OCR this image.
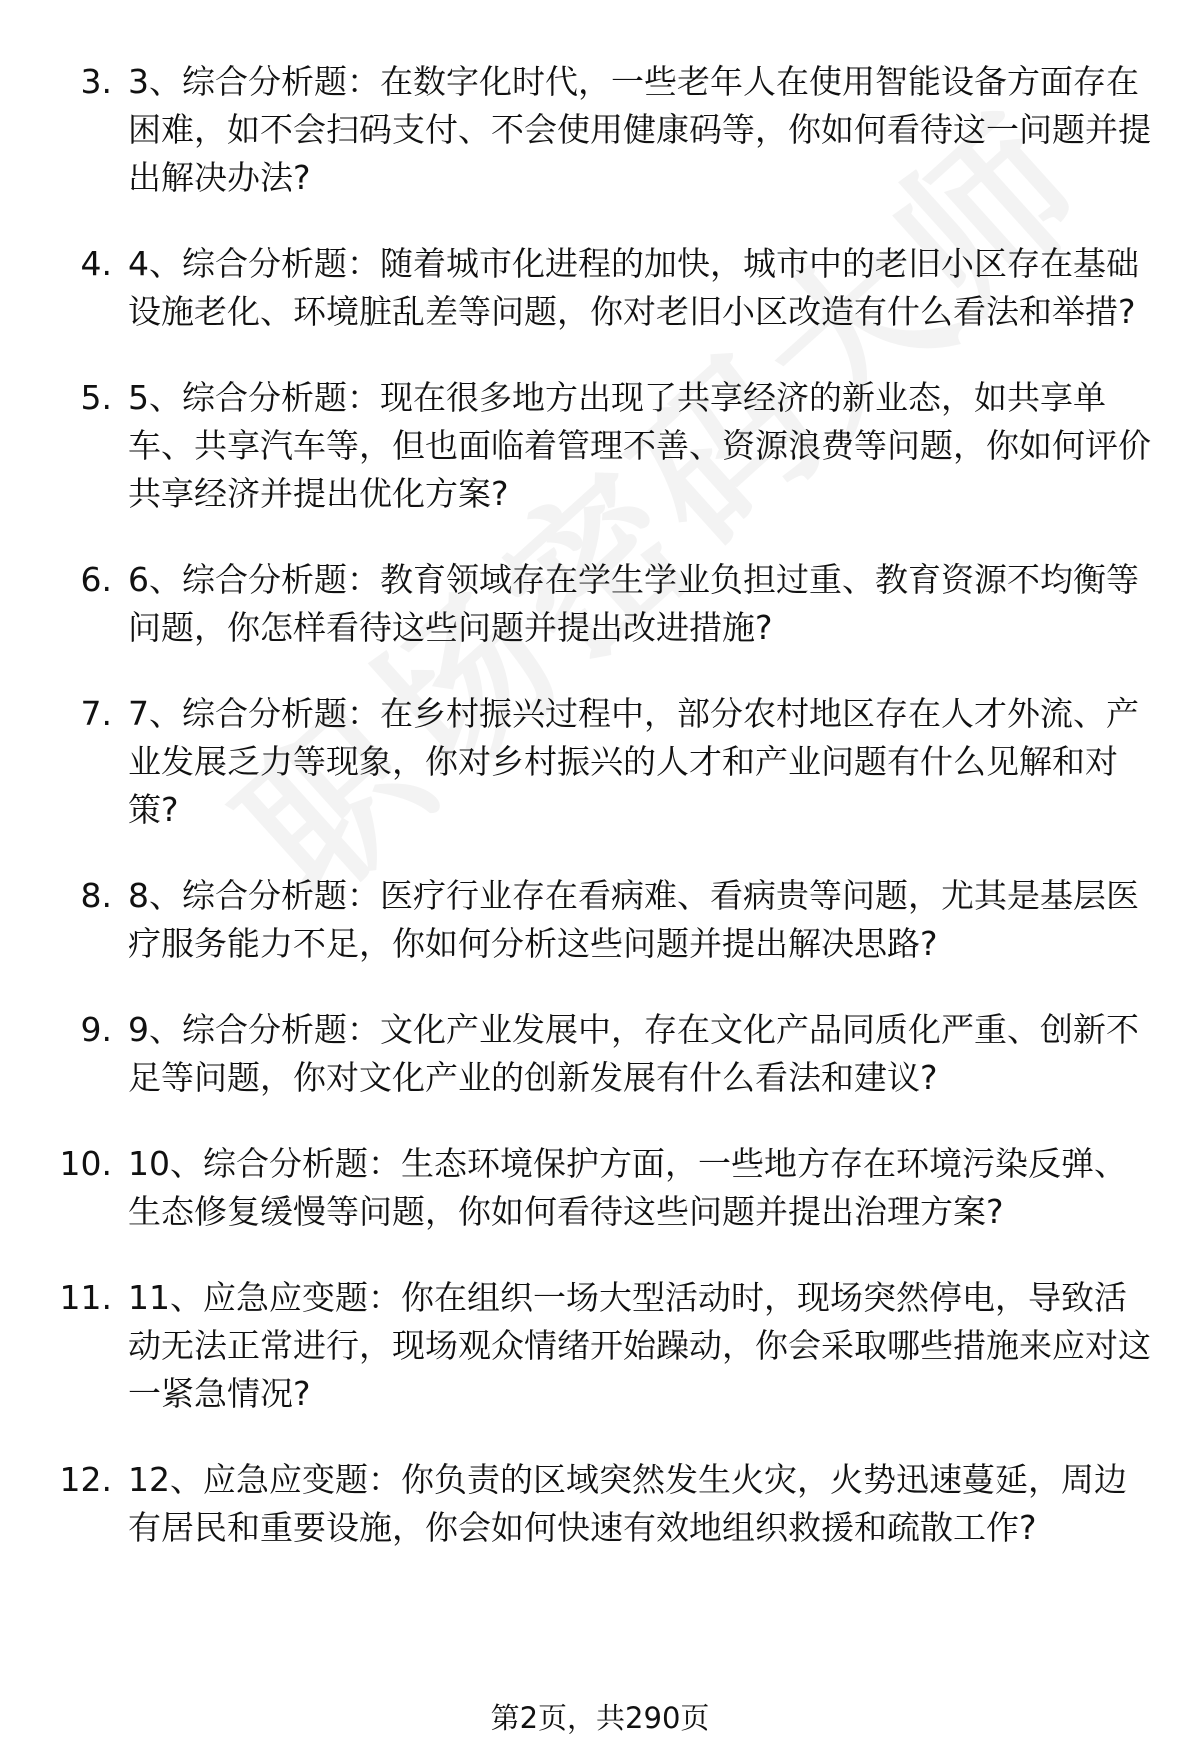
3. 3、综合分析题：在数字化时代，一些老年人在使用智能设备方面存在困难，如不会扫码支付、不会使用健康码等，你如何看待这一问题并提出解决办法?
4. 4、综合分析题：随着城市化进程的加快，城市中的老旧小区存在基础设施老化、环境脏乱差等问题，你对老旧小区改造有什么看法和举措?
5. 5、综合分析题：现在很多地方出现了共享经济的新业态，如共享单车、共享汽车等，但也面临着管理不善、资源浪费等问题，你如何评价共享经济并提出优化方案?
6. 6、综合分析题：教育领域存在学生学业负担过重、教育资源不均衡等问题，你怎样看待这些问题并提出改进措施?
7. 7、综合分析题：在乡村振兴过程中，部分农村地区存在人才外流、产业发展乏力等现象，你对乡村振兴的人才和产业问题有什么见解和对策?
8. 8、综合分析题：医疗行业存在看病难、看病贵等问题，尤其是基层医疗服务能力不足，你如何分析这些问题并提出解决思路?
9. 9、综合分析题：文化产业发展中，存在文化产品同质化严重、创新不足等问题，你对文化产业的创新发展有什么看法和建议?
10. 10、综合分析题：生态环境保护方面，一些地方存在环境污染反弹、生态修复缓慢等问题，你如何看待这些问题并提出治理方案?
11. 11、应急应变题：你在组织一场大型活动时，现场突然停电，导致活动无法正常进行，现场观众情绪开始躁动，你会采取哪些措施来应对这一紧急情况?
12. 12、应急应变题：你负责的区域突然发生火灾，火势迅速蔓延，周边有居民和重要设施，你会如何快速有效地组织救援和疏散工作?
第2页，共290页
